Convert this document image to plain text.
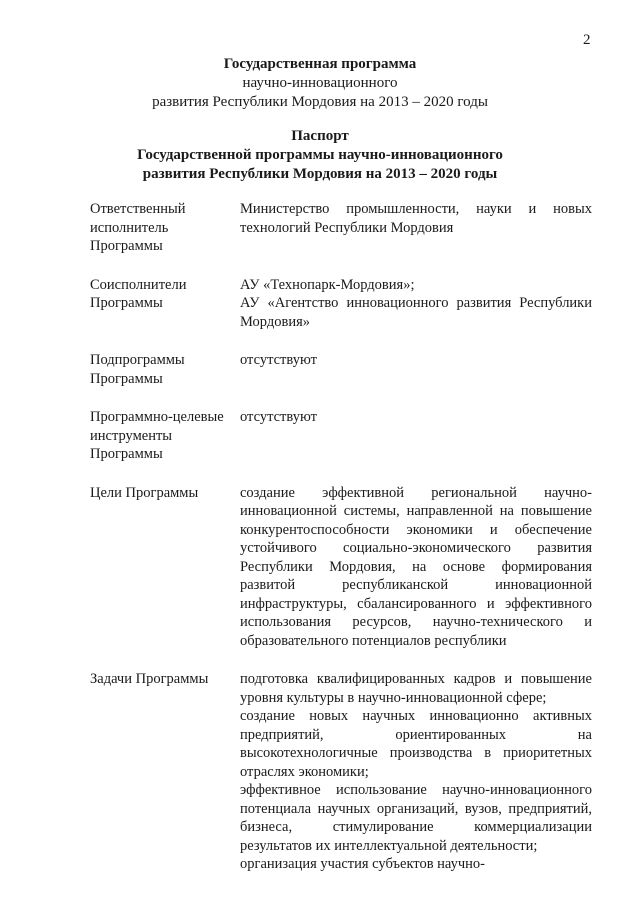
2
Государственная программа
научно-инновационного
развития Республики Мордовия на 2013 – 2020 годы
Паспорт
Государственной программы научно-инновационного
развития Республики Мордовия на 2013 – 2020 годы
Ответственный исполнитель Программы
Министерство промышленности, науки и новых технологий Республики Мордовия
Соисполнители Программы
АУ «Технопарк-Мордовия»;
АУ «Агентство инновационного развития Республики Мордовия»
Подпрограммы Программы
отсутствуют
Программно-целевые инструменты Программы
отсутствуют
Цели Программы	создание эффективной региональной научно-инновационной системы, направленной на повышение конкурентоспособности экономики и обеспечение устойчивого социально-экономического развития Республики Мордовия, на основе формирования развитой республиканской инновационной инфраструктуры, сбалансированного и эффективного использования ресурсов, научно-технического и образовательного потенциалов республики
Задачи Программы	подготовка квалифицированных кадров и повышение уровня культуры в научно-инновационной сфере;
создание новых научных инновационно активных предприятий, ориентированных на высокотехнологичные производства в приоритетных отраслях экономики;
эффективное использование научно-инновационного потенциала научных организаций, вузов, предприятий, бизнеса, стимулирование коммерциализации результатов их интеллектуальной деятельности;
организация участия субъектов научно-
